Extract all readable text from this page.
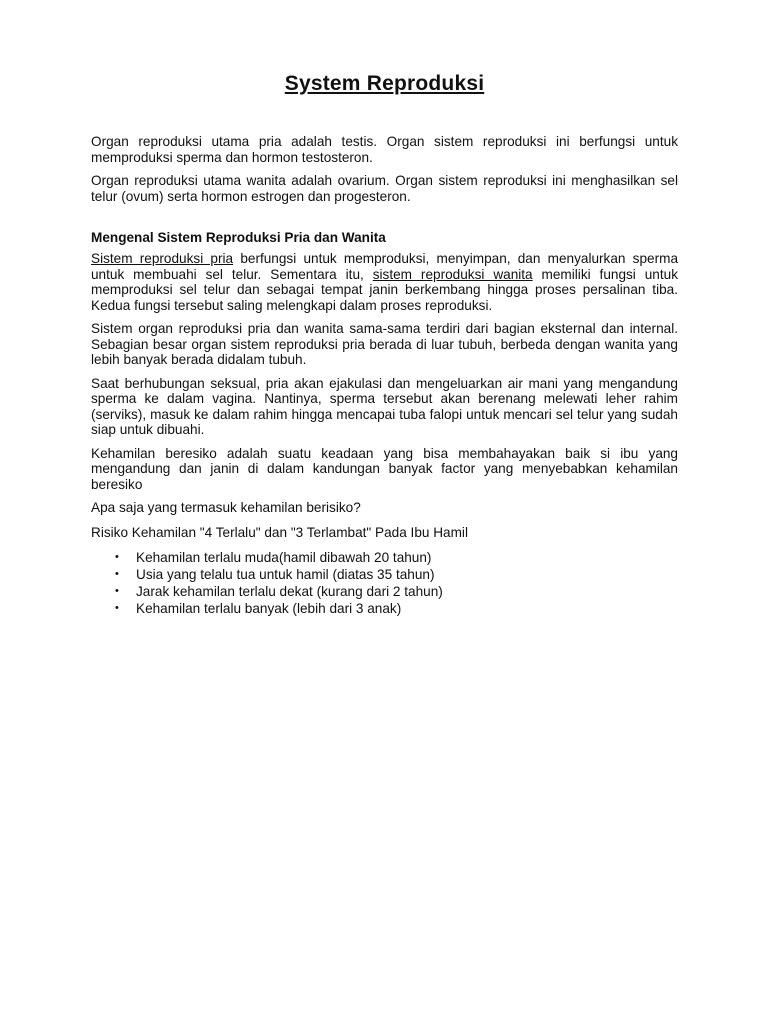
System Reproduksi

Organ reproduksi utama pria adalah testis. Organ sistem reproduksi ini berfungsi untuk memproduksi sperma dan hormon testosteron.

Organ reproduksi utama wanita adalah ovarium. Organ sistem reproduksi ini menghasilkan sel telur (ovum) serta hormon estrogen dan progesteron.

Mengenal Sistem Reproduksi Pria dan Wanita

Sistem reproduksi pria berfungsi untuk memproduksi, menyimpan, dan menyalurkan sperma untuk membuahi sel telur. Sementara itu, sistem reproduksi wanita memiliki fungsi untuk memproduksi sel telur dan sebagai tempat janin berkembang hingga proses persalinan tiba. Kedua fungsi tersebut saling melengkapi dalam proses reproduksi.

Sistem organ reproduksi pria dan wanita sama-sama terdiri dari bagian eksternal dan internal. Sebagian besar organ sistem reproduksi pria berada di luar tubuh, berbeda dengan wanita yang lebih banyak berada didalam tubuh.

Saat berhubungan seksual, pria akan ejakulasi dan mengeluarkan air mani yang mengandung sperma ke dalam vagina. Nantinya, sperma tersebut akan berenang melewati leher rahim (serviks), masuk ke dalam rahim hingga mencapai tuba falopi untuk mencari sel telur yang sudah siap untuk dibuahi.

Kehamilan beresiko adalah suatu keadaan yang bisa membahayakan baik si ibu yang mengandung dan janin di dalam kandungan banyak factor yang menyebabkan kehamilan beresiko

Apa saja yang termasuk kehamilan berisiko?

Risiko Kehamilan "4 Terlalu" dan "3 Terlambat" Pada Ibu Hamil

• Kehamilan terlalu muda(hamil dibawah 20 tahun)
• Usia yang telalu tua untuk hamil (diatas 35 tahun)
• Jarak kehamilan terlalu dekat (kurang dari 2 tahun)
• Kehamilan terlalu banyak (lebih dari 3 anak)
